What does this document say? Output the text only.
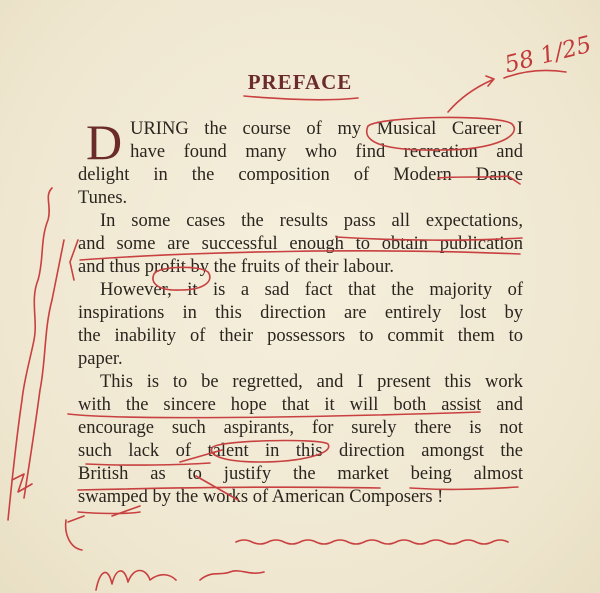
PREFACE
D URING the course of my Musical Career I

have found many who find recreation and

delight in the composition of Modern Dance

Tunes.

In some cases the results pass all expectations,

and some are successful enough to obtain publication

and thus profit by the fruits of their labour.

However, it is a sad fact that the majority of

inspirations in this direction are entirely lost by

the inability of their possessors to commit them to

paper.

This is to be regretted, and I present this work

with the sincere hope that it will both assist and

encourage such aspirants, for surely there is not

such lack of talent in this direction amongst the

British as to justify the market being almost

swamped by the works of American Composers !

58 1/25
